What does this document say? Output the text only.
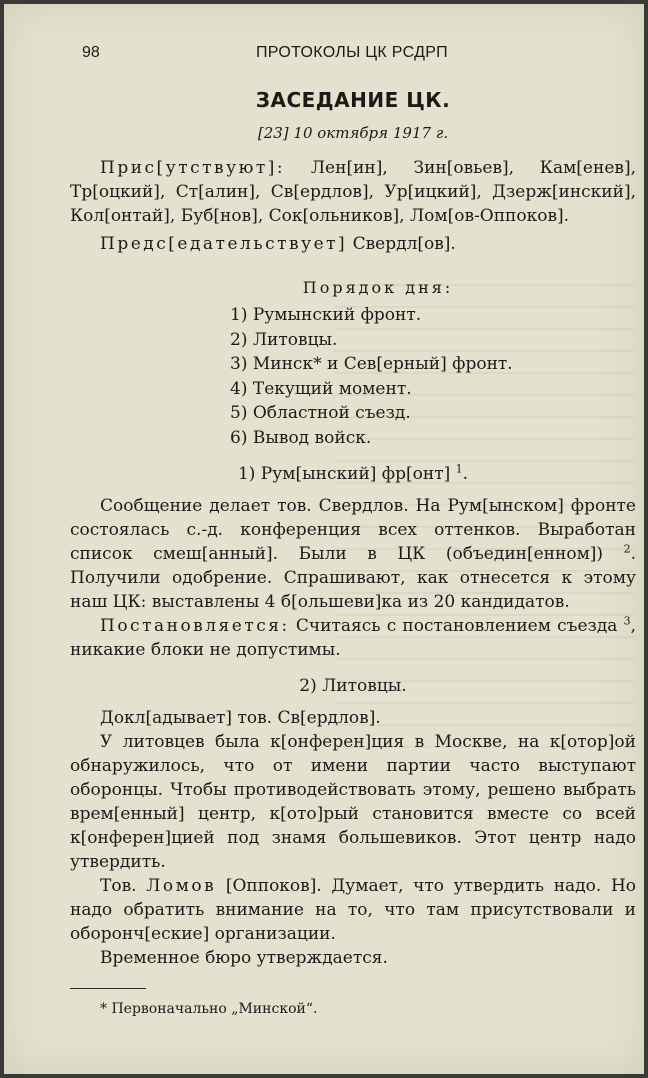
98	ПРОТОКОЛЫ ЦК РСДРП
ЗАСЕДАНИЕ ЦК.
[23] 10 октября 1917 г.

Прис[утствуют]: Лен[ин], Зин[овьев], Кам[енев], Тр[оцкий], Ст[алин], Св[ердлов], Ур[ицкий], Дзерж[инский], Кол[онтай], Буб[нов], Сок[ольников], Лом[ов-Оппоков].

Предс[едательствует] Свердл[ов].

Порядок дня:
1) Румынский фронт.
2) Литовцы.
3) Минск* и Сев[ерный] фронт.
4) Текущий момент.
5) Областной съезд.
6) Вывод войск.
1) Рум[ынский] фр[онт] $^1$.

Сообщение делает тов. Свердлов. На Рум[ынском] фронте состоялась с.-д. конференция всех оттенков. Выработан список смеш[анный]. Были в ЦК (объедин[енном]) $^2$. Получили одобрение. Спрашивают, как отнесется к этому наш ЦК: выставлены 4 б[ольшеви]ка из 20 кандидатов.

Постановляется: Считаясь с постановлением съезда $^3$, никакие блоки не допустимы.

2) Литовцы.

Докл[адывает] тов. Св[ердлов].

У литовцев была к[онферен]ция в Москве, на к[отор]ой обнаружилось, что от имени партии часто выступают оборонцы. Чтобы противодействовать этому, решено выбрать врем[енный] центр, к[ото]рый становится вместе со всей к[онферен]цией под знамя большевиков. Этот центр надо утвердить.

Тов. Ломов [Оппоков]. Думает, что утвердить надо. Но надо обратить внимание на то, что там присутствовали и оборонч[еские] организации.

Временное бюро утверждается.

* Первоначально „Минской“.
